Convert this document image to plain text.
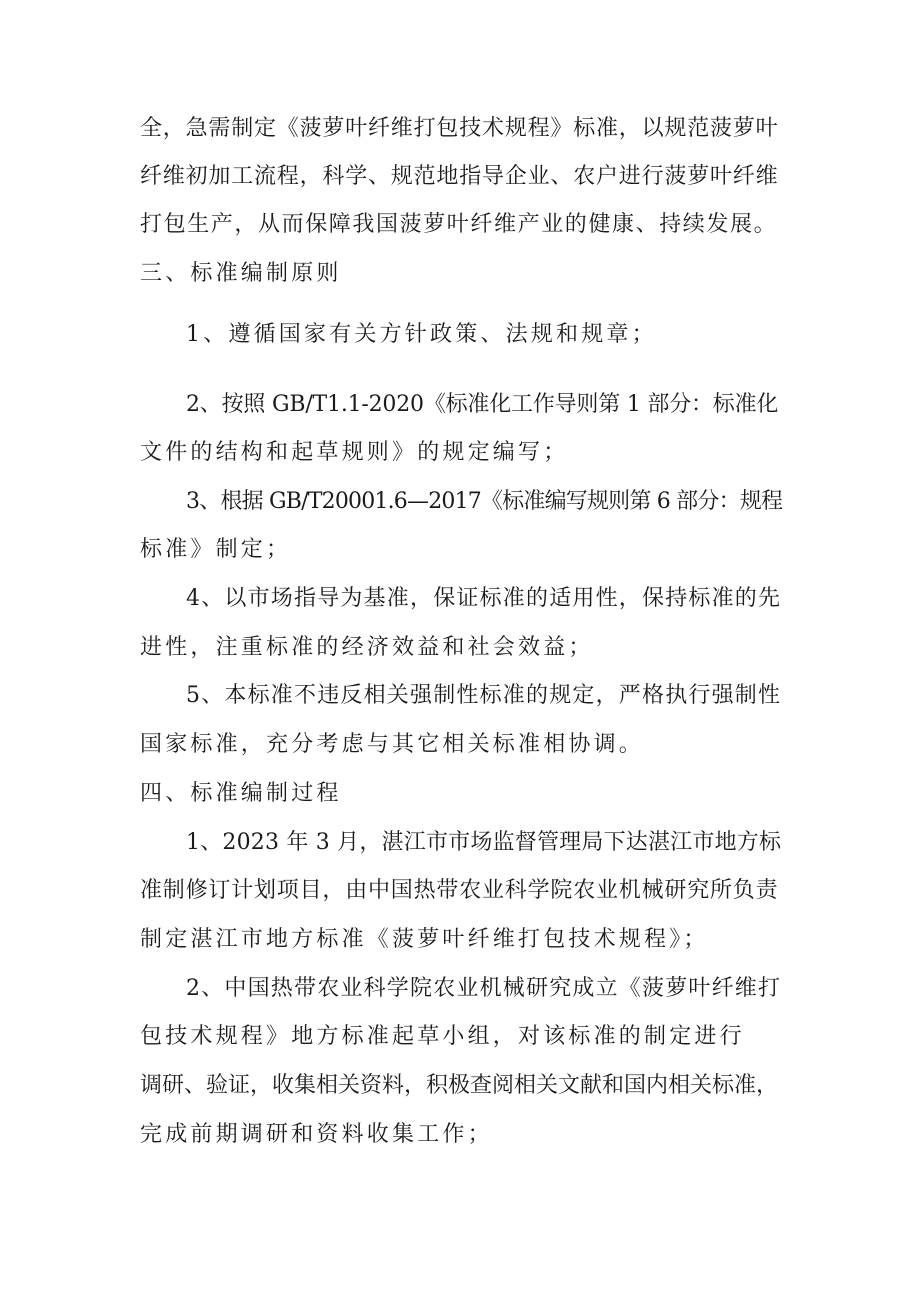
全，急需制定《菠萝叶纤维打包技术规程》标准，以规范菠萝叶
纤维初加工流程，科学、规范地指导企业、农户进行菠萝叶纤维
打包生产，从而保障我国菠萝叶纤维产业的健康、持续发展。
三、标准编制原则
1、遵循国家有关方针政策、法规和规章；
2、按照 GB/T1.1-2020《标准化工作导则第 1 部分：标准化
文件的结构和起草规则》的规定编写；
3、根据 GB/T20001.6—2017《标准编写规则第 6 部分：规程
标准》制定；
4、以市场指导为基准，保证标准的适用性，保持标准的先
进性，注重标准的经济效益和社会效益；
5、本标准不违反相关强制性标准的规定，严格执行强制性
国家标准，充分考虑与其它相关标准相协调。
四、标准编制过程
1、2023 年 3 月，湛江市市场监督管理局下达湛江市地方标
准制修订计划项目，由中国热带农业科学院农业机械研究所负责
制定湛江市地方标准《菠萝叶纤维打包技术规程》；
2、中国热带农业科学院农业机械研究成立《菠萝叶纤维打
包技术规程》地方标准起草小组，对该标准的制定进行
调研、验证，收集相关资料，积极查阅相关文献和国内相关标准，
完成前期调研和资料收集工作；
